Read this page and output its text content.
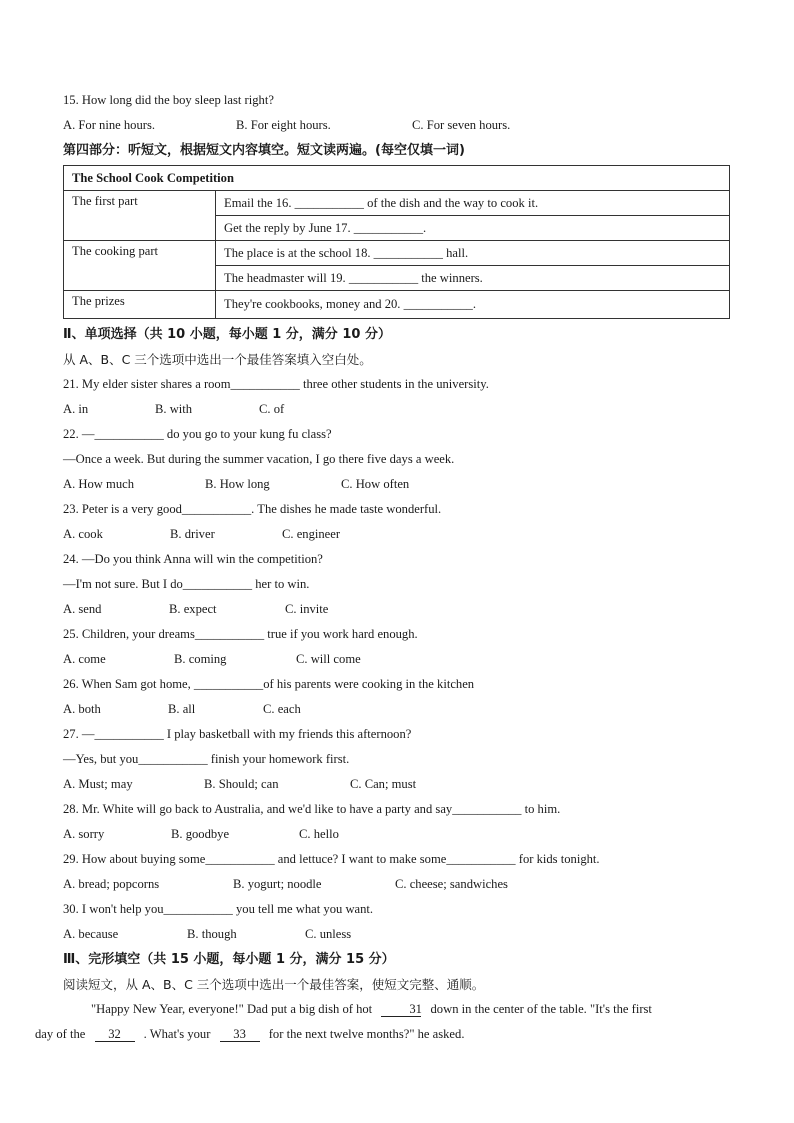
15. How long did the boy sleep last right?
A. For nine hours.	B. For eight hours.	C. For seven hours.
第四部分：听短文，根据短文内容填空。短文读两遍。(每空仅填一词)
The School Cook Competition	
The first part	Email the 16. ___________ of the dish and the way to cook it.
	Get the reply by June 17. ___________.
The cooking part	The place is at the school 18. ___________ hall.
	The headmaster will 19. ___________ the winners.
The prizes	They're cookbooks, money and 20. ___________.
Ⅱ、单项选择（共 10 小题，每小题 1 分，满分 10 分）
从 A、B、C 三个选项中选出一个最佳答案填入空白处。
21. My elder sister shares a room___________ three other students in the university.
A. in	B. with	C. of
22. —___________ do you go to your kung fu class?
—Once a week. But during the summer vacation, I go there five days a week.
A. How much	B. How long	C. How often
23. Peter is a very good___________. The dishes he made taste wonderful.
A. cook	B. driver	C. engineer
24. —Do you think Anna will win the competition?
—I'm not sure. But I do___________ her to win.
A. send	B. expect	C. invite
25. Children, your dreams___________ true if you work hard enough.
A. come	B. coming	C. will come
26. When Sam got home, ___________of his parents were cooking in the kitchen
A. both	B. all	C. each
27. —___________ I play basketball with my friends this afternoon?
—Yes, but you___________ finish your homework first.
A. Must; may	B. Should; can	C. Can; must
28. Mr. White will go back to Australia, and we'd like to have a party and say___________ to him.
A. sorry	B. goodbye	C. hello
29. How about buying some___________ and lettuce? I want to make some___________ for kids tonight.
A. bread; popcorns	B. yogurt; noodle	C. cheese; sandwiches
30. I won't help you___________ you tell me what you want.
A. because	B. though	C. unless
Ⅲ、完形填空（共 15 小题，每小题 1 分，满分 15 分）
阅读短文，从 A、B、C 三个选项中选出一个最佳答案，使短文完整、通顺。
"Happy New Year, everyone!" Dad put a big dish of hot	31 down in the center of the table. "It's the first
day of the 32 . What's your 33 for the next twelve months?" he asked.
